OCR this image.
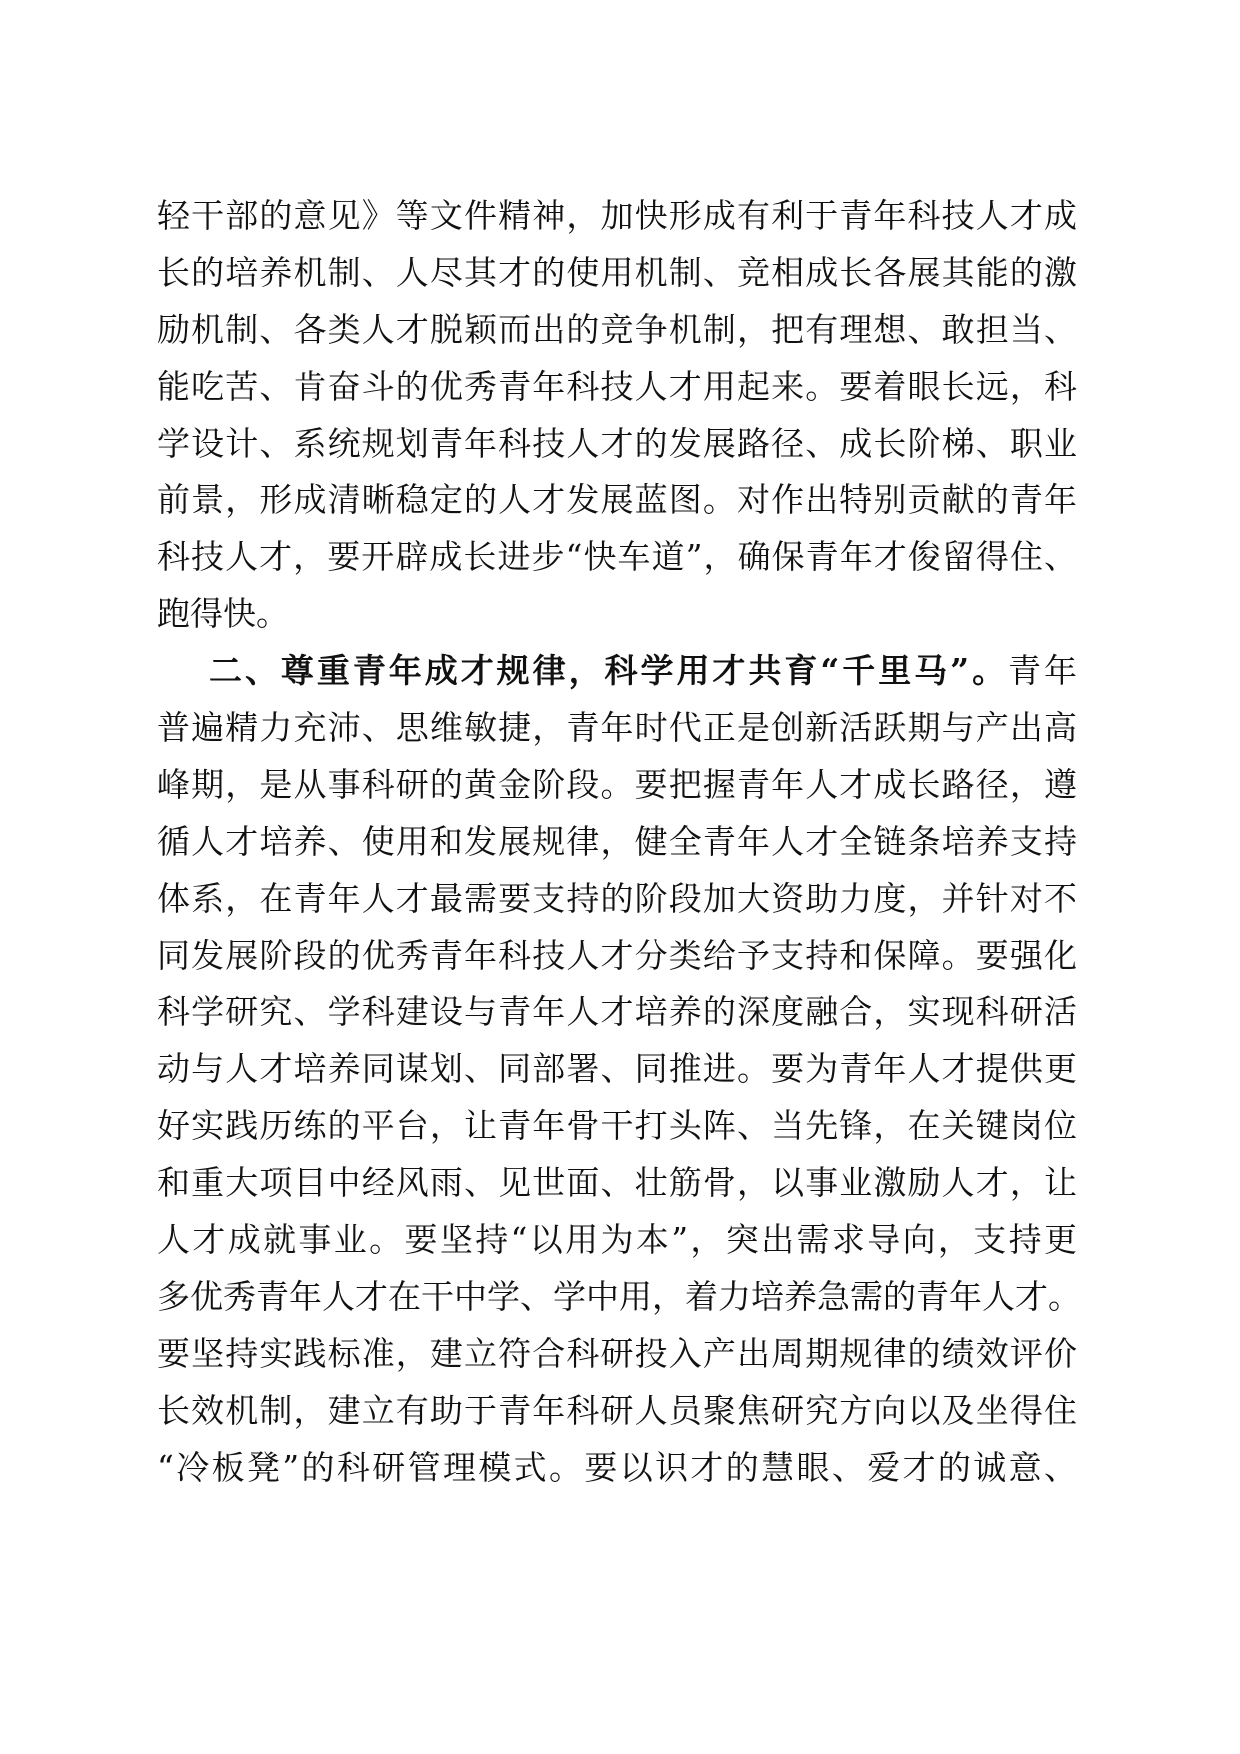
轻干部的意见》等文件精神，加快形成有利于青年科技人才成

长的培养机制、人尽其才的使用机制、竞相成长各展其能的激

励机制、各类人才脱颖而出的竞争机制，把有理想、敢担当、

能吃苦、肯奋斗的优秀青年科技人才用起来。要着眼长远，科

学设计、系统规划青年科技人才的发展路径、成长阶梯、职业

前景，形成清晰稳定的人才发展蓝图。对作出特别贡献的青年

科技人才，要开辟成长进步“快车道”，确保青年才俊留得住、

跑得快。

二、尊重青年成才规律，科学用才共育“千里马”。青年

普遍精力充沛、思维敏捷，青年时代正是创新活跃期与产出高

峰期，是从事科研的黄金阶段。要把握青年人才成长路径，遵

循人才培养、使用和发展规律，健全青年人才全链条培养支持

体系，在青年人才最需要支持的阶段加大资助力度，并针对不

同发展阶段的优秀青年科技人才分类给予支持和保障。要强化

科学研究、学科建设与青年人才培养的深度融合，实现科研活

动与人才培养同谋划、同部署、同推进。要为青年人才提供更

好实践历练的平台，让青年骨干打头阵、当先锋，在关键岗位

和重大项目中经风雨、见世面、壮筋骨，以事业激励人才，让

人才成就事业。要坚持“以用为本”，突出需求导向，支持更

多优秀青年人才在干中学、学中用，着力培养急需的青年人才。

要坚持实践标准，建立符合科研投入产出周期规律的绩效评价

长效机制，建立有助于青年科研人员聚焦研究方向以及坐得住

“冷板凳”的科研管理模式。要以识才的慧眼、爱才的诚意、
